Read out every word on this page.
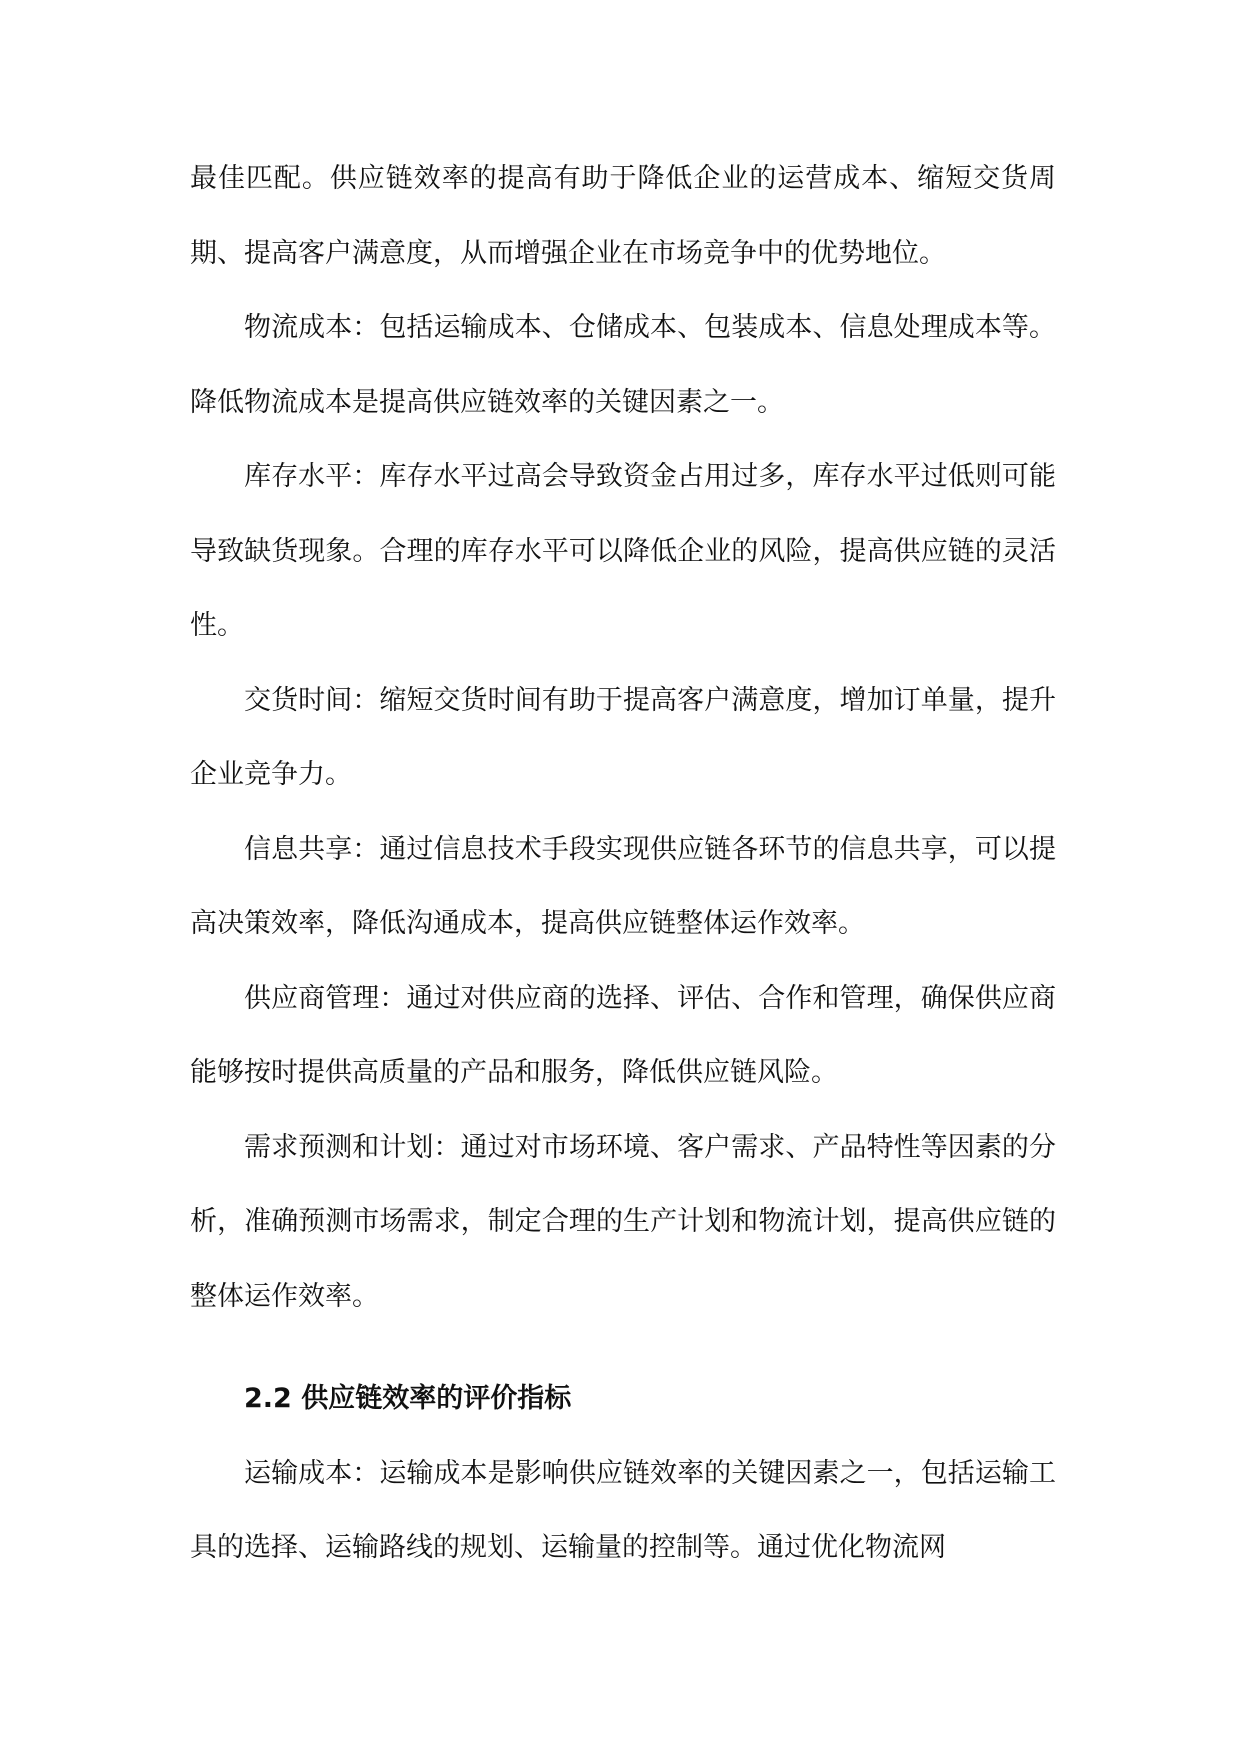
最佳匹配。供应链效率的提高有助于降低企业的运营成本、缩短交货周期、提高客户满意度，从而增强企业在市场竞争中的优势地位。

物流成本：包括运输成本、仓储成本、包装成本、信息处理成本等。降低物流成本是提高供应链效率的关键因素之一。

库存水平：库存水平过高会导致资金占用过多，库存水平过低则可能导致缺货现象。合理的库存水平可以降低企业的风险，提高供应链的灵活性。

交货时间：缩短交货时间有助于提高客户满意度，增加订单量，提升企业竞争力。

信息共享：通过信息技术手段实现供应链各环节的信息共享，可以提高决策效率，降低沟通成本，提高供应链整体运作效率。

供应商管理：通过对供应商的选择、评估、合作和管理，确保供应商能够按时提供高质量的产品和服务，降低供应链风险。

需求预测和计划：通过对市场环境、客户需求、产品特性等因素的分析，准确预测市场需求，制定合理的生产计划和物流计划，提高供应链的整体运作效率。

2.2 供应链效率的评价指标

运输成本：运输成本是影响供应链效率的关键因素之一，包括运输工具的选择、运输路线的规划、运输量的控制等。通过优化物流网
